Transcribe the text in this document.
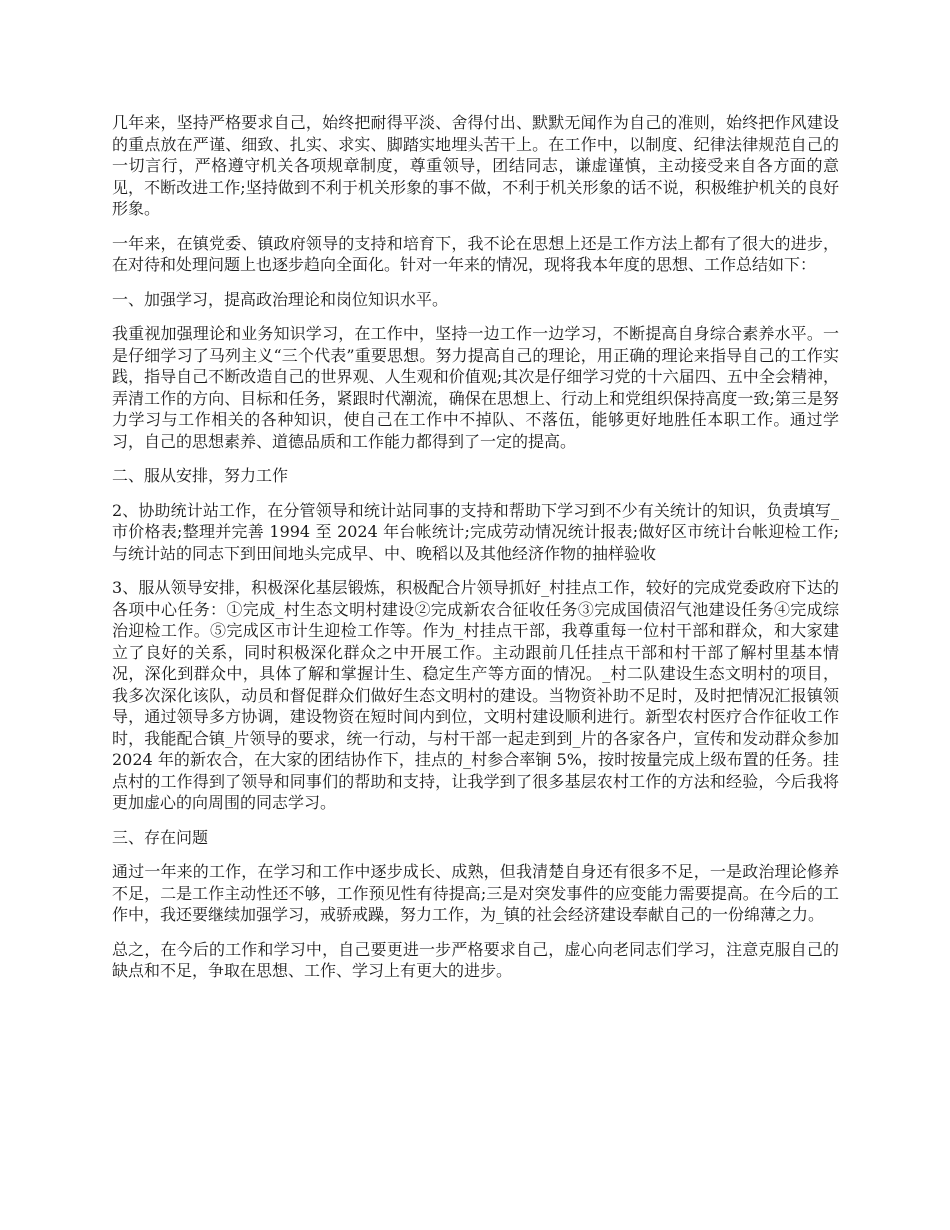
几年来，坚持严格要求自己，始终把耐得平淡、舍得付出、默默无闻作为自己的准则，始终把作风建设的重点放在严谨、细致、扎实、求实、脚踏实地埋头苦干上。在工作中，以制度、纪律法律规范自己的一切言行，严格遵守机关各项规章制度，尊重领导，团结同志，谦虚谨慎，主动接受来自各方面的意见，不断改进工作;坚持做到不利于机关形象的事不做，不利于机关形象的话不说，积极维护机关的良好形象。

一年来，在镇党委、镇政府领导的支持和培育下，我不论在思想上还是工作方法上都有了很大的进步，在对待和处理问题上也逐步趋向全面化。针对一年来的情况，现将我本年度的思想、工作总结如下：

一、加强学习，提高政治理论和岗位知识水平。

我重视加强理论和业务知识学习，在工作中，坚持一边工作一边学习，不断提高自身综合素养水平。一是仔细学习了马列主义“三个代表”重要思想。努力提高自己的理论，用正确的理论来指导自己的工作实践，指导自己不断改造自己的世界观、人生观和价值观;其次是仔细学习党的十六届四、五中全会精神，弄清工作的方向、目标和任务，紧跟时代潮流，确保在思想上、行动上和党组织保持高度一致;第三是努力学习与工作相关的各种知识，使自己在工作中不掉队、不落伍，能够更好地胜任本职工作。通过学习，自己的思想素养、道德品质和工作能力都得到了一定的提高。

二、服从安排，努力工作

2、协助统计站工作，在分管领导和统计站同事的支持和帮助下学习到不少有关统计的知识，负责填写_市价格表;整理并完善 1994 至 2024 年台帐统计;完成劳动情况统计报表;做好区市统计台帐迎检工作;与统计站的同志下到田间地头完成早、中、晚稻以及其他经济作物的抽样验收

3、服从领导安排，积极深化基层锻炼，积极配合片领导抓好_村挂点工作，较好的完成党委政府下达的各项中心任务：①完成_村生态文明村建设②完成新农合征收任务③完成国债沼气池建设任务④完成综治迎检工作。⑤完成区市计生迎检工作等。作为_村挂点干部，我尊重每一位村干部和群众，和大家建立了良好的关系，同时积极深化群众之中开展工作。主动跟前几任挂点干部和村干部了解村里基本情况，深化到群众中，具体了解和掌握计生、稳定生产等方面的情况。_村二队建设生态文明村的项目，我多次深化该队，动员和督促群众们做好生态文明村的建设。当物资补助不足时，及时把情况汇报镇领导，通过领导多方协调，建设物资在短时间内到位，文明村建设顺利进行。新型农村医疗合作征收工作时，我能配合镇_片领导的要求，统一行动，与村干部一起走到到_片的各家各户，宣传和发动群众参加 2024 年的新农合，在大家的团结协作下，挂点的_村参合率锏 5%，按时按量完成上级布置的任务。挂点村的工作得到了领导和同事们的帮助和支持，让我学到了很多基层农村工作的方法和经验，今后我将更加虚心的向周围的同志学习。

三、存在问题

通过一年来的工作，在学习和工作中逐步成长、成熟，但我清楚自身还有很多不足，一是政治理论修养不足，二是工作主动性还不够，工作预见性有待提高;三是对突发事件的应变能力需要提高。在今后的工作中，我还要继续加强学习，戒骄戒躁，努力工作，为_镇的社会经济建设奉献自己的一份绵薄之力。

总之，在今后的工作和学习中，自己要更进一步严格要求自己，虚心向老同志们学习，注意克服自己的缺点和不足，争取在思想、工作、学习上有更大的进步。
